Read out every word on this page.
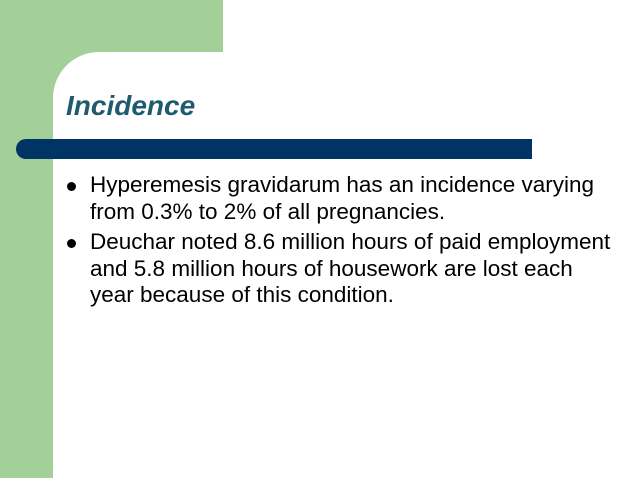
Incidence
Hyperemesis gravidarum has an incidence varying from 0.3% to 2% of all pregnancies.
Deuchar noted 8.6 million hours of paid employment and 5.8 million hours of housework are lost each year because of this condition.
